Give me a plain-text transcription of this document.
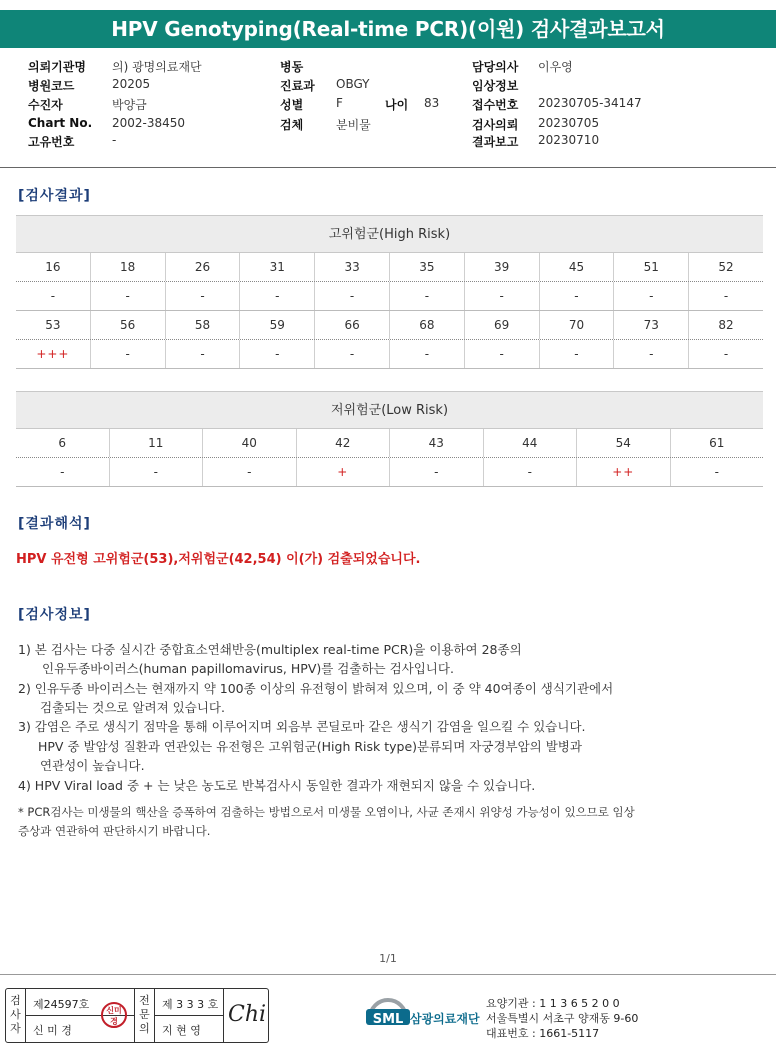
HPV Genotyping(Real-time PCR)(이원) 검사결과보고서
의뢰기관명 의) 광명의료재단	병동	담당의사 이우영
병원코드	20205	진료과 OBGY	임상정보
수진자	박양금	성별	F	나이 83	접수번호 20230705-34147
Chart No. 2002-38450	검체	분비물	검사의뢰 20230705
고유번호	-	결과보고 20230710
[검사결과]
고위험군(High Risk)
16	18	26	31	33	35	39	45	51	52
-	-	-	-	-	-	-	-	-	-
53	56	58	59	66	68	69	70	73	82
+++	-	-	-	-	-	-	-	-	-
저위험군(Low Risk)
6	11	40	42	43	44	54	61
-	-	-	+	-	-	++	-
[결과해석]
HPV 유전형 고위험군(53),저위험군(42,54) 이(가) 검출되었습니다.
[검사정보]
1) 본 검사는 다중 실시간 중합효소연쇄반응(multiplex real-time PCR)을 이용하여 28종의
인유두종바이러스(human papillomavirus, HPV)를 검출하는 검사입니다.
2) 인유두종 바이러스는 현재까지 약 100종 이상의 유전형이 밝혀져 있으며, 이 중 약 40여종이 생식기관에서
검출되는 것으로 알려져 있습니다.
3) 감염은 주로 생식기 점막을 통해 이루어지며 외음부 콘딜로마 같은 생식기 감염을 일으킬 수 있습니다.
HPV 중 발암성 질환과 연관있는 유전형은 고위험군(High Risk type)분류되며 자궁경부암의 발병과
연관성이 높습니다.
4) HPV Viral load 중 + 는 낮은 농도로 반복검사시 동일한 결과가 재현되지 않을 수 있습니다.
* PCR검사는 미생물의 핵산을 증폭하여 검출하는 방법으로서 미생물 오염이나, 사균 존재시 위양성 가능성이 있으므로 임상
증상과 연관하여 판단하시기 바랍니다.
1/1
검
사
자
제24597호
신 미 경
신미경
전
문
의
제 3 3 3 호
지 현 영
Chi	SML 삼광의료재단
요양기관 : 1 1 3 6 5 2 0 0
서울특별시 서초구 양재동 9-60
대표번호 : 1661-5117
